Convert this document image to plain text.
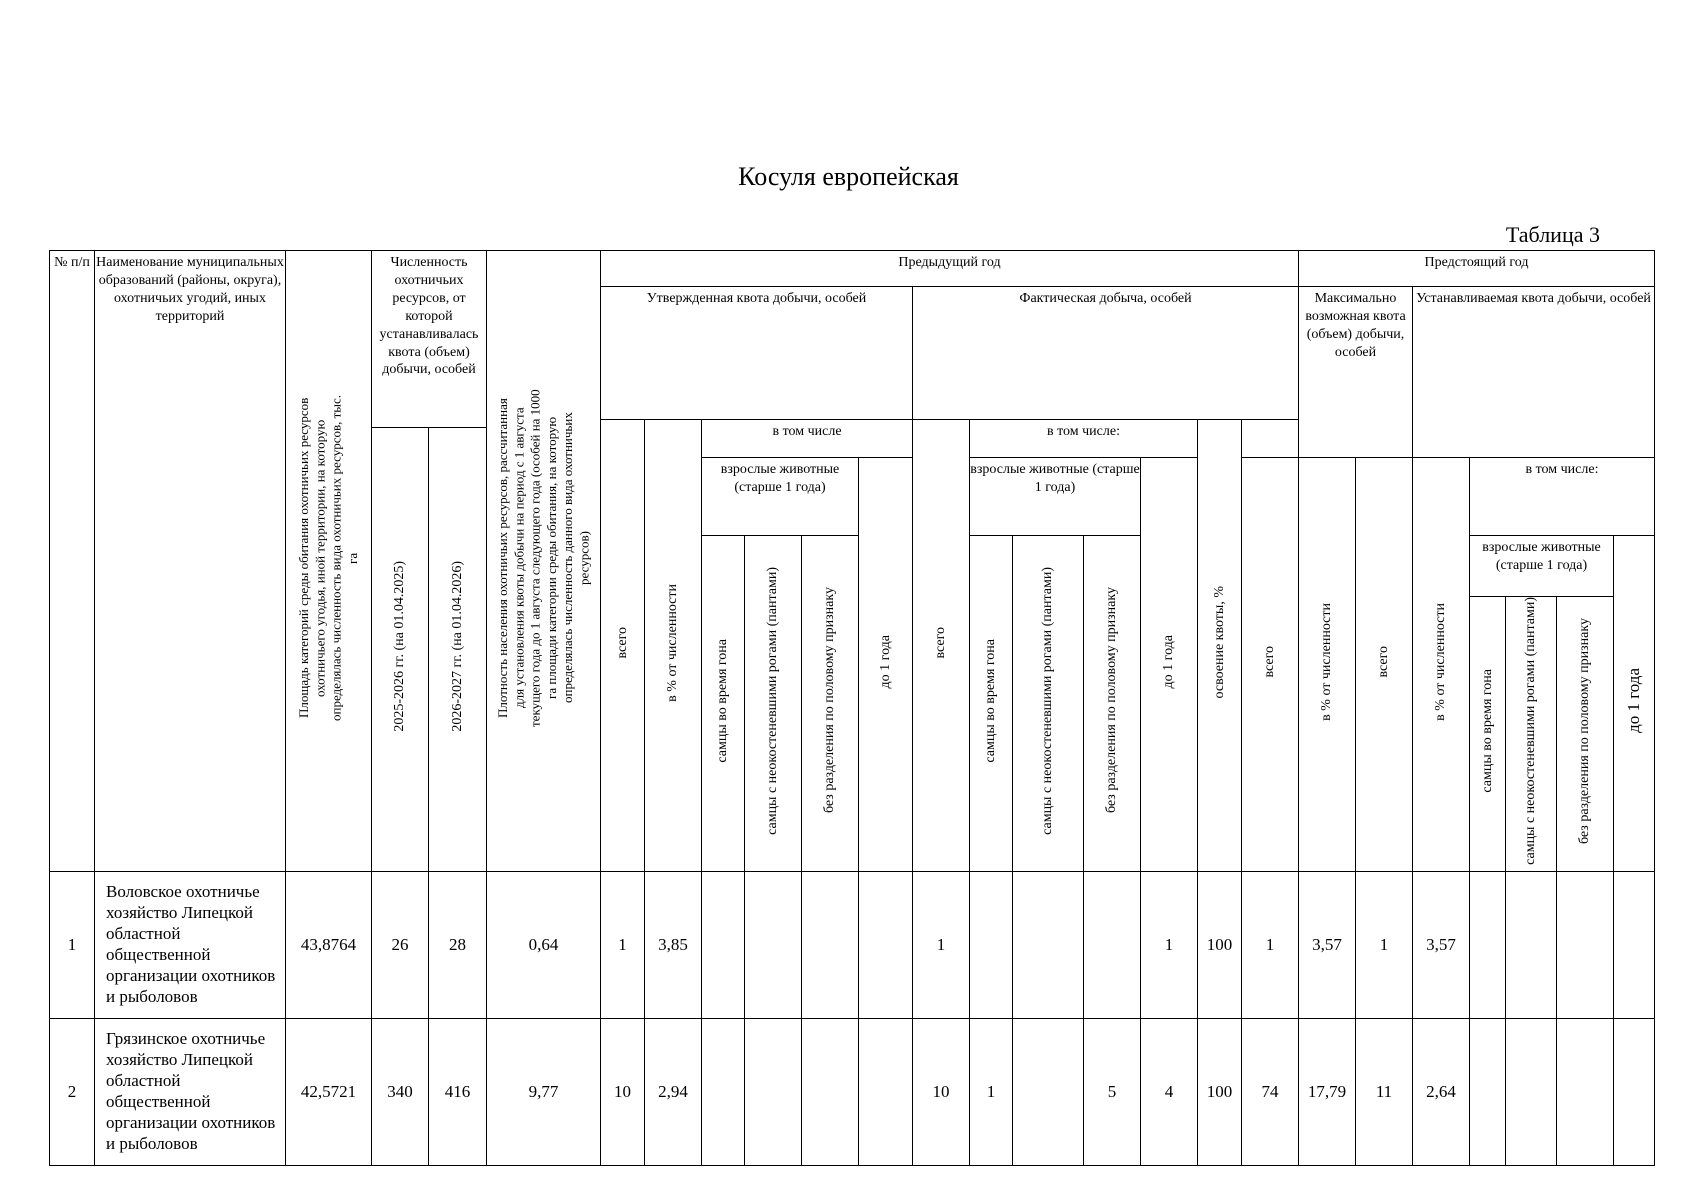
Косуля европейская
Таблица 3
№ п/п	Наименование муниципальных образований (районы, округа), охотничьих угодий, иных территорий	Площадь категорий среды обитания охотничьих ресурсов охотничьего угодья, иной территории, на которую определялась численность вида охотничьих ресурсов, тыс. га	Численность охотничьих ресурсов, от которой устанавливалась квота (объем) добычи, особей		Плотность населения охотничьих ресурсов, рассчитанная для установления квоты добычи на период с 1 августа текущего года до 1 августа следующего года (особей на 1000 га площади категории среды обитания, на которую определялась численность данного вида охотничьих ресурсов)	Предыдущий год													Предстоящий год						
						Утвержденная квота добычи, особей						Фактическая добыча, особей							Максимально возможная квота (объем) добычи, особей		Устанавливаемая квота добычи, особей				
						всего	в % от численности	в том числе				всего	в том числе:				освоение квоты, %								
			2025-2026 гг. (на 01.04.2025)	2026-2027 гг. (на 01.04.2026)																					
								взрослые животные (старше 1 года)			до 1 года		взрослые животные (старше 1 года)			до 1 года		всего	в % от численности	всего	в % от численности	в том числе:			
								самцы во время гона	самцы с неокостеневшими рогами (пантами)	без разделения по половому признаку			самцы во время гона	самцы с неокостеневшими рогами (пантами)	без разделения по половому признаку							взрослые животные (старше 1 года)			до 1 года
																						самцы во время гона	самцы с неокостеневшими рогами (пантами)	без разделения по половому признаку	
1	Воловское охотничье хозяйство Липецкой областной общественной организации охотников и рыболовов	43,8764	26	28	0,64	1	3,85					1				1	100	1	3,57	1	3,57				
2	Грязинское охотничье хозяйство Липецкой областной общественной организации охотников и рыболовов	42,5721	340	416	9,77	10	2,94					10	1		5	4	100	74	17,79	11	2,64				
